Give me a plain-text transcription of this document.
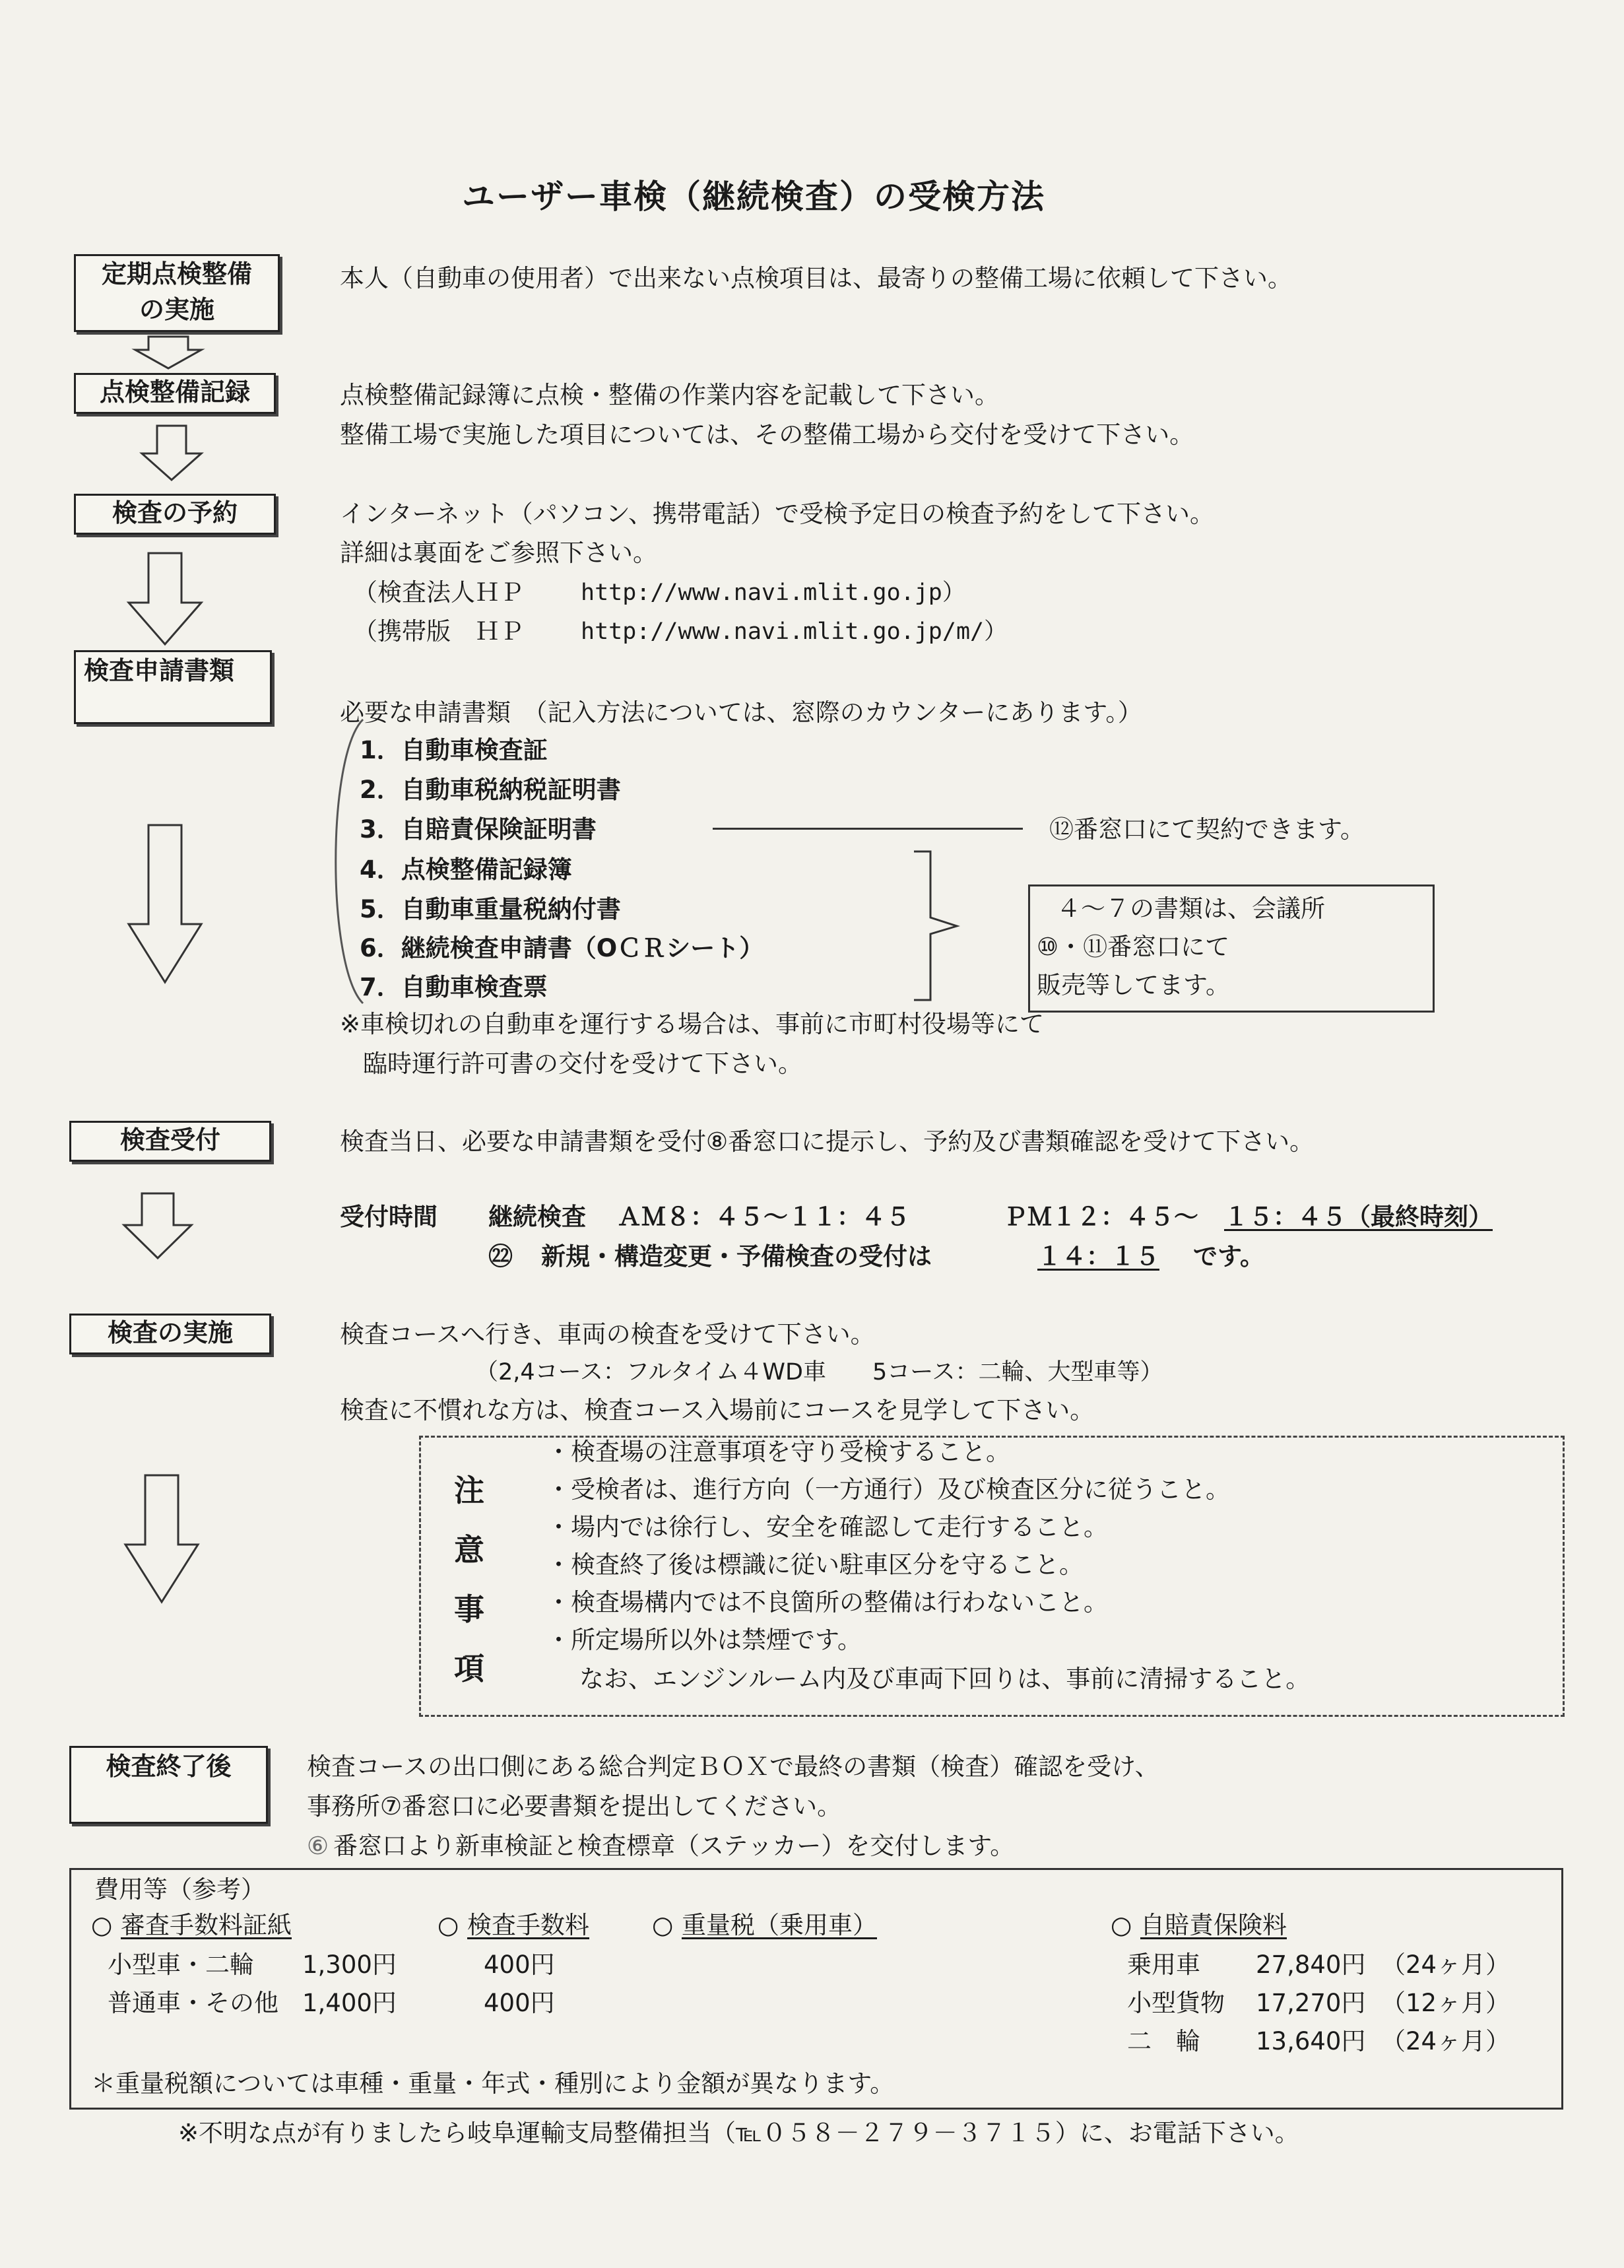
ユーザー車検（継続検査）の受検方法
定期点検整備
の実施
本人（自動車の使用者）で出来ない点検項目は、最寄りの整備工場に依頼して下さい。
点検整備記録	点検整備記録簿に点検・整備の作業内容を記載して下さい。
整備工場で実施した項目については、その整備工場から交付を受けて下さい。
検査の予約	インターネット（パソコン、携帯電話）で受検予定日の検査予約をして下さい。
詳細は裏面をご参照下さい。
（検査法人ＨＰ http://www.navi.mlit.go.jp）
（携帯版　ＨＰ http://www.navi.mlit.go.jp/m/）
検査申請書類
必要な申請書類　（記入方法については、窓際のカウンターにあります。）
1．自動車検査証
2．自動車税納税証明書
3．自賠責保険証明書
4．点検整備記録簿
5．自動車重量税納付書
6．継続検査申請書（ОＣＲシート）
7．自動車検査票
⑫番窓口にて契約できます。
４～７の書類は、会議所
⑩・⑪番窓口にて
販売等してます。
※車検切れの自動車を運行する場合は、事前に市町村役場等にて
臨時運行許可書の交付を受けて下さい。
検査受付	検査当日、必要な申請書類を受付⑧番窓口に提示し、予約及び書類確認を受けて下さい。
受付時間 継続検査 ＡＭ８：４５～１１：４５	ＰＭ１２：４５～ １５：４５（最終時刻）
㉒ 新規・構造変更・予備検査の受付は	１４：１５ です。
検査の実施	検査コースへ行き、車両の検査を受けて下さい。
（2,4コース：フルタイム４WD車　　5コース：二輪、大型車等）
検査に不慣れな方は、検査コース入場前にコースを見学して下さい。
注
意
事
項
・検査場の注意事項を守り受検すること。
・受検者は、進行方向（一方通行）及び検査区分に従うこと。
・場内では徐行し、安全を確認して走行すること。
・検査終了後は標識に従い駐車区分を守ること。
・検査場構内では不良箇所の整備は行わないこと。
・所定場所以外は禁煙です。
なお、エンジンルーム内及び車両下回りは、事前に清掃すること。
検査終了後	検査コースの出口側にある総合判定ＢＯＸで最終の書類（検査）確認を受け、
事務所⑦番窓口に必要書類を提出してください。
⑥ 番窓口より新車検証と検査標章（ステッカー）を交付します。
費用等（参考）
○ 審査手数料証紙	○ 検査手数料	○ 重量税（乗用車）	○ 自賠責保険料
小型車・二輪 1,300円	400円
普通車・その他 1,400円	400円
乗用車 27,840円 （24ヶ月）
小型貨物 17,270円 （12ヶ月）
二　輪 13,640円 （24ヶ月）
＊重量税額については車種・重量・年式・種別により金額が異なります。
※不明な点が有りましたら岐阜運輸支局整備担当（℡０５８－２７９－３７１５）に、お電話下さい。
